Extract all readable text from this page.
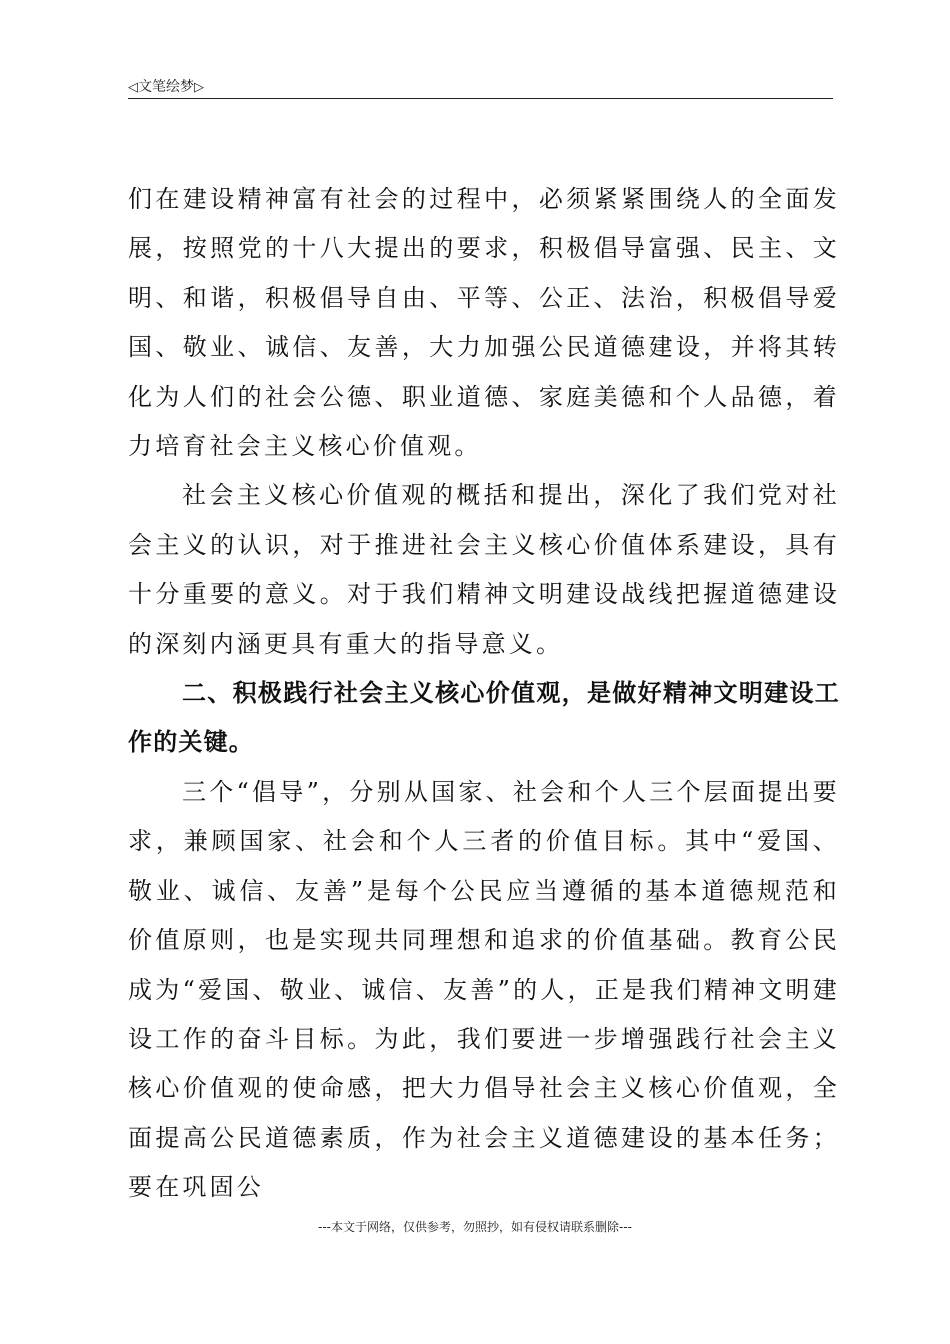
◁文笔绘梦▷

们在建设精神富有社会的过程中，必须紧紧围绕人的全面发展，按照党的十八大提出的要求，积极倡导富强、民主、文明、和谐，积极倡导自由、平等、公正、法治，积极倡导爱国、敬业、诚信、友善，大力加强公民道德建设，并将其转化为人们的社会公德、职业道德、家庭美德和个人品德，着力培育社会主义核心价值观。

社会主义核心价值观的概括和提出，深化了我们党对社会主义的认识，对于推进社会主义核心价值体系建设，具有十分重要的意义。对于我们精神文明建设战线把握道德建设的深刻内涵更具有重大的指导意义。

二、积极践行社会主义核心价值观，是做好精神文明建设工作的关键。

三个“倡导”，分别从国家、社会和个人三个层面提出要求，兼顾国家、社会和个人三者的价值目标。其中“爱国、敬业、诚信、友善”是每个公民应当遵循的基本道德规范和价值原则，也是实现共同理想和追求的价值基础。教育公民成为“爱国、敬业、诚信、友善”的人，正是我们精神文明建设工作的奋斗目标。为此，我们要进一步增强践行社会主义核心价值观的使命感，把大力倡导社会主义核心价值观，全面提高公民道德素质，作为社会主义道德建设的基本任务；要在巩固公

---本文于网络，仅供参考，勿照抄，如有侵权请联系删除---
